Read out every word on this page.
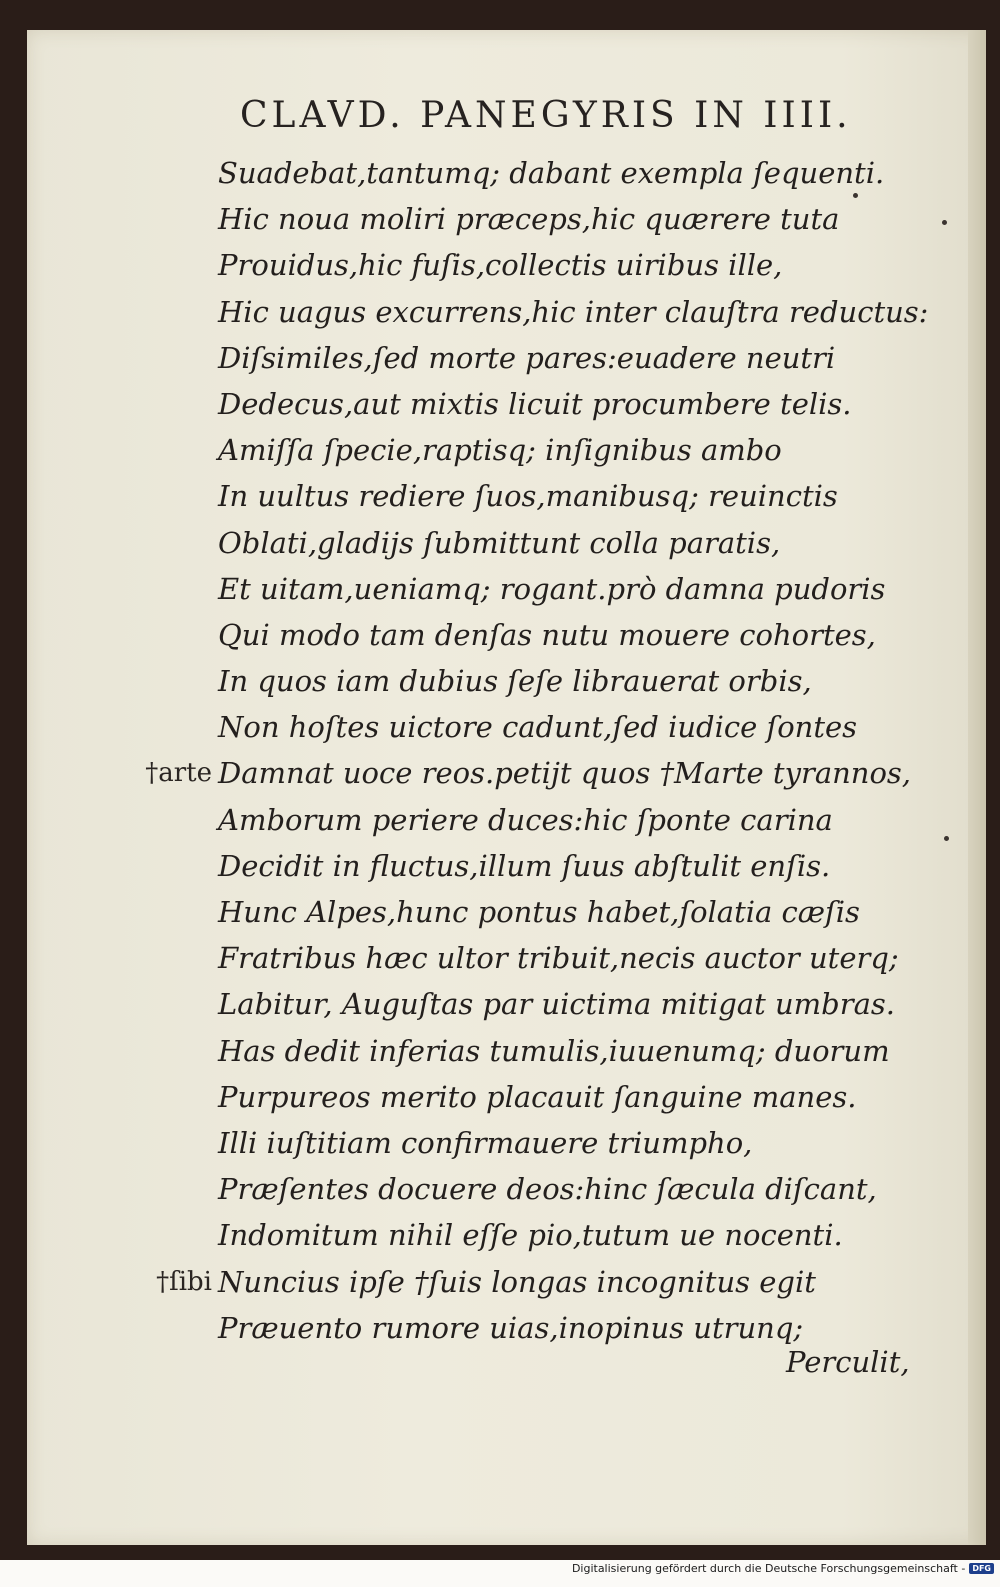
CLAVD. PANEGYRIS IN IIII.
Suadebat,tantumq; dabant exempla ſequenti.
Hic noua moliri præceps,hic quærere tuta
Prouidus,hic fuſis,collectis uiribus ille,
Hic uagus excurrens,hic inter clauſtra reductus:
Diſsimiles,ſed morte pares:euadere neutri
Dedecus,aut mixtis licuit procumbere telis.
Amiſſa ſpecie,raptisq; inſignibus ambo
In uultus rediere ſuos,manibusq; reuinctis
Oblati,gladijs ſubmittunt colla paratis,
Et uitam,ueniamq; rogant.prò damna pudoris
Qui modo tam denſas nutu mouere cohortes,
In quos iam dubius ſeſe librauerat orbis,
Non hoſtes uictore cadunt,ſed iudice ſontes
†arte Damnat uoce reos.petijt quos †Marte tyrannos,
Amborum periere duces:hic ſponte carina
Decidit in fluctus,illum ſuus abſtulit enſis.
Hunc Alpes,hunc pontus habet,ſolatia cæſis
Fratribus hæc ultor tribuit,necis auctor uterq;
Labitur, Auguſtas par uictima mitigat umbras.
Has dedit inferias tumulis,iuuenumq; duorum
Purpureos merito placauit ſanguine manes.
Illi iuſtitiam confirmauere triumpho,
Præſentes docuere deos:hinc ſæcula diſcant,
Indomitum nihil eſſe pio,tutum ue nocenti.
†ſibi Nuncius ipſe †ſuis longas incognitus egit
Præuento rumore uias,inopinus utrunq;
Perculit,
Digitalisierung gefördert durch die Deutsche Forschungsgemeinschaft - DFG
